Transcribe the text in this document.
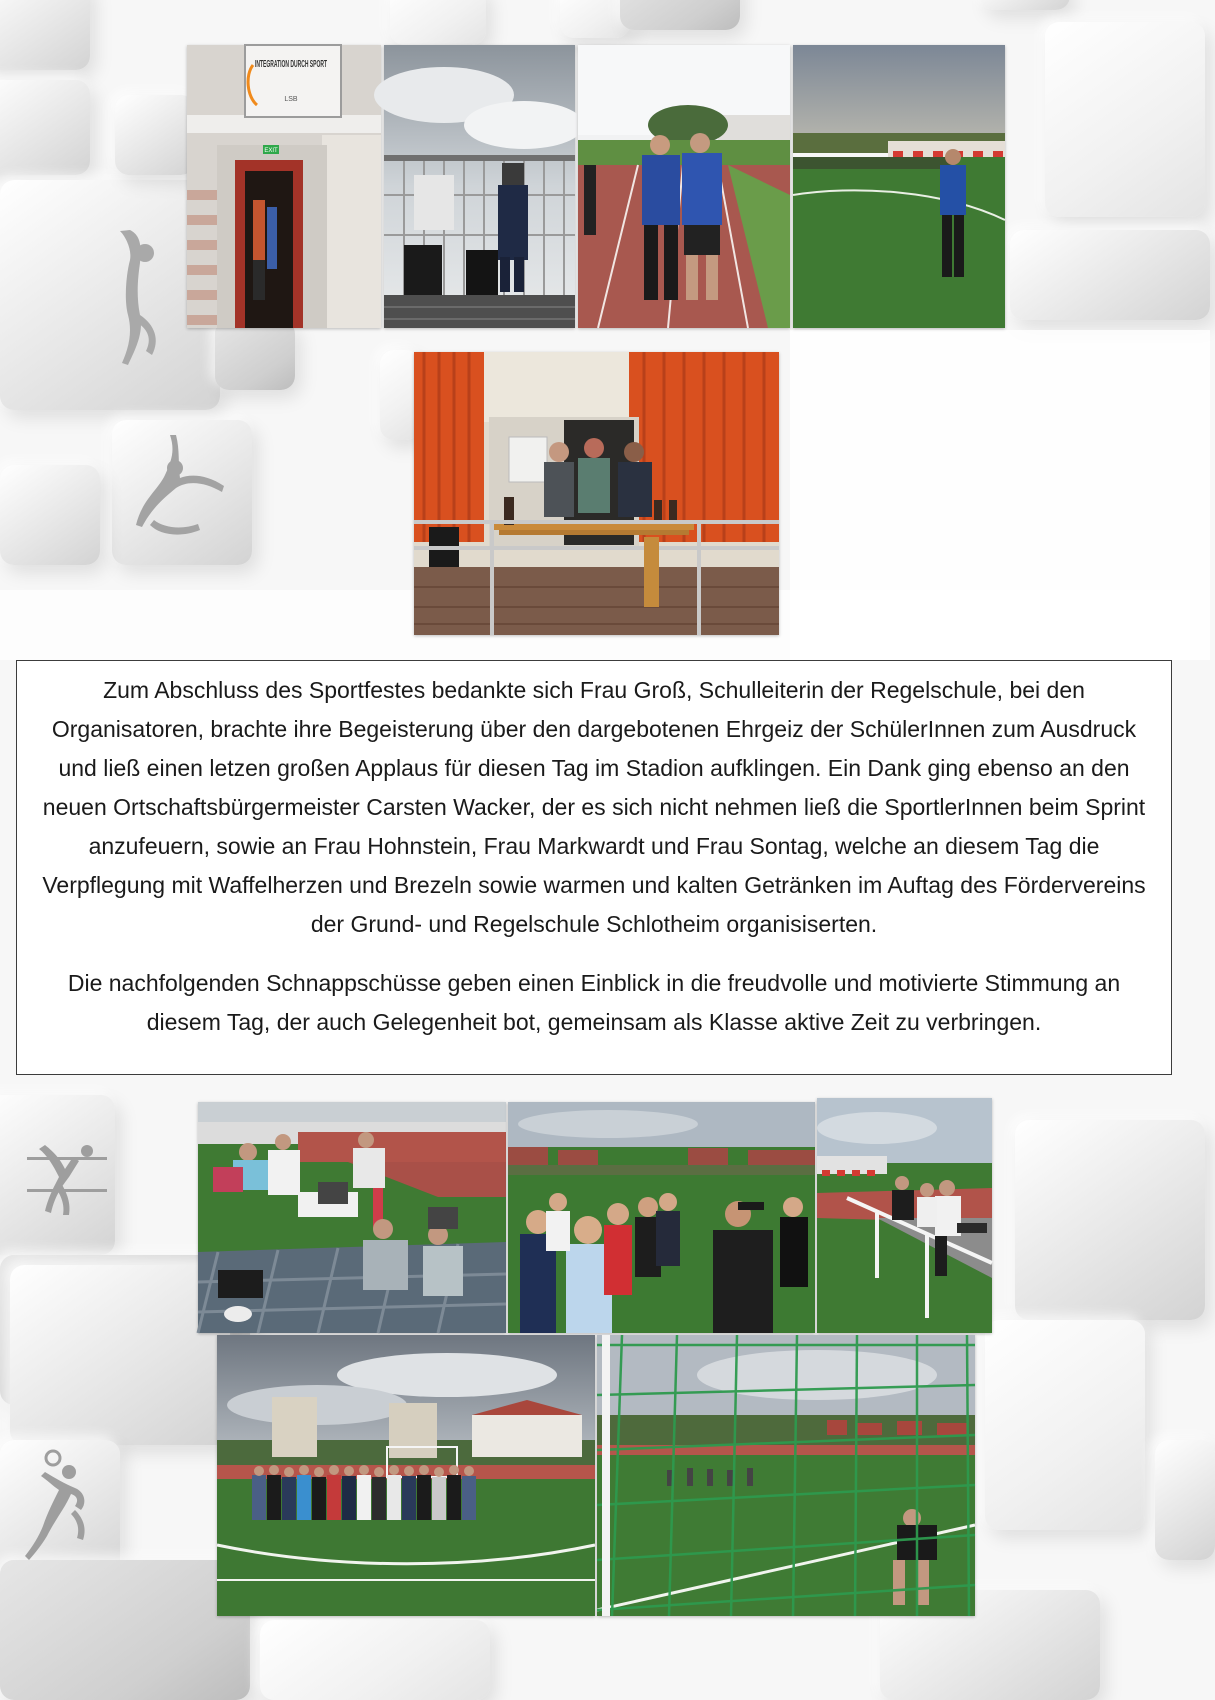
EXIT
INTEGRATION DURCH SPORT
LSB

Zum Abschluss des Sportfestes bedankte sich Frau Groß, Schulleiterin der Regelschule, bei den Organisatoren, brachte ihre Begeisterung über den dargebotenen Ehrgeiz der SchülerInnen zum Ausdruck und ließ einen letzen großen Applaus für diesen Tag im Stadion aufklingen. Ein Dank ging ebenso an den neuen Ortschaftsbürgermeister Carsten Wacker, der es sich nicht nehmen ließ die SportlerInnen beim Sprint anzufeuern, sowie an Frau Hohnstein, Frau Markwardt und Frau Sontag, welche an diesem Tag die Verpflegung mit Waffelherzen und Brezeln sowie warmen und kalten Getränken im Auftag des Fördervereins der Grund- und Regelschule Schlotheim organisiserten.

Die nachfolgenden Schnappschüsse geben einen Einblick in die freudvolle und motivierte Stimmung an diesem Tag, der auch Gelegenheit bot, gemeinsam als Klasse aktive Zeit zu verbringen.
